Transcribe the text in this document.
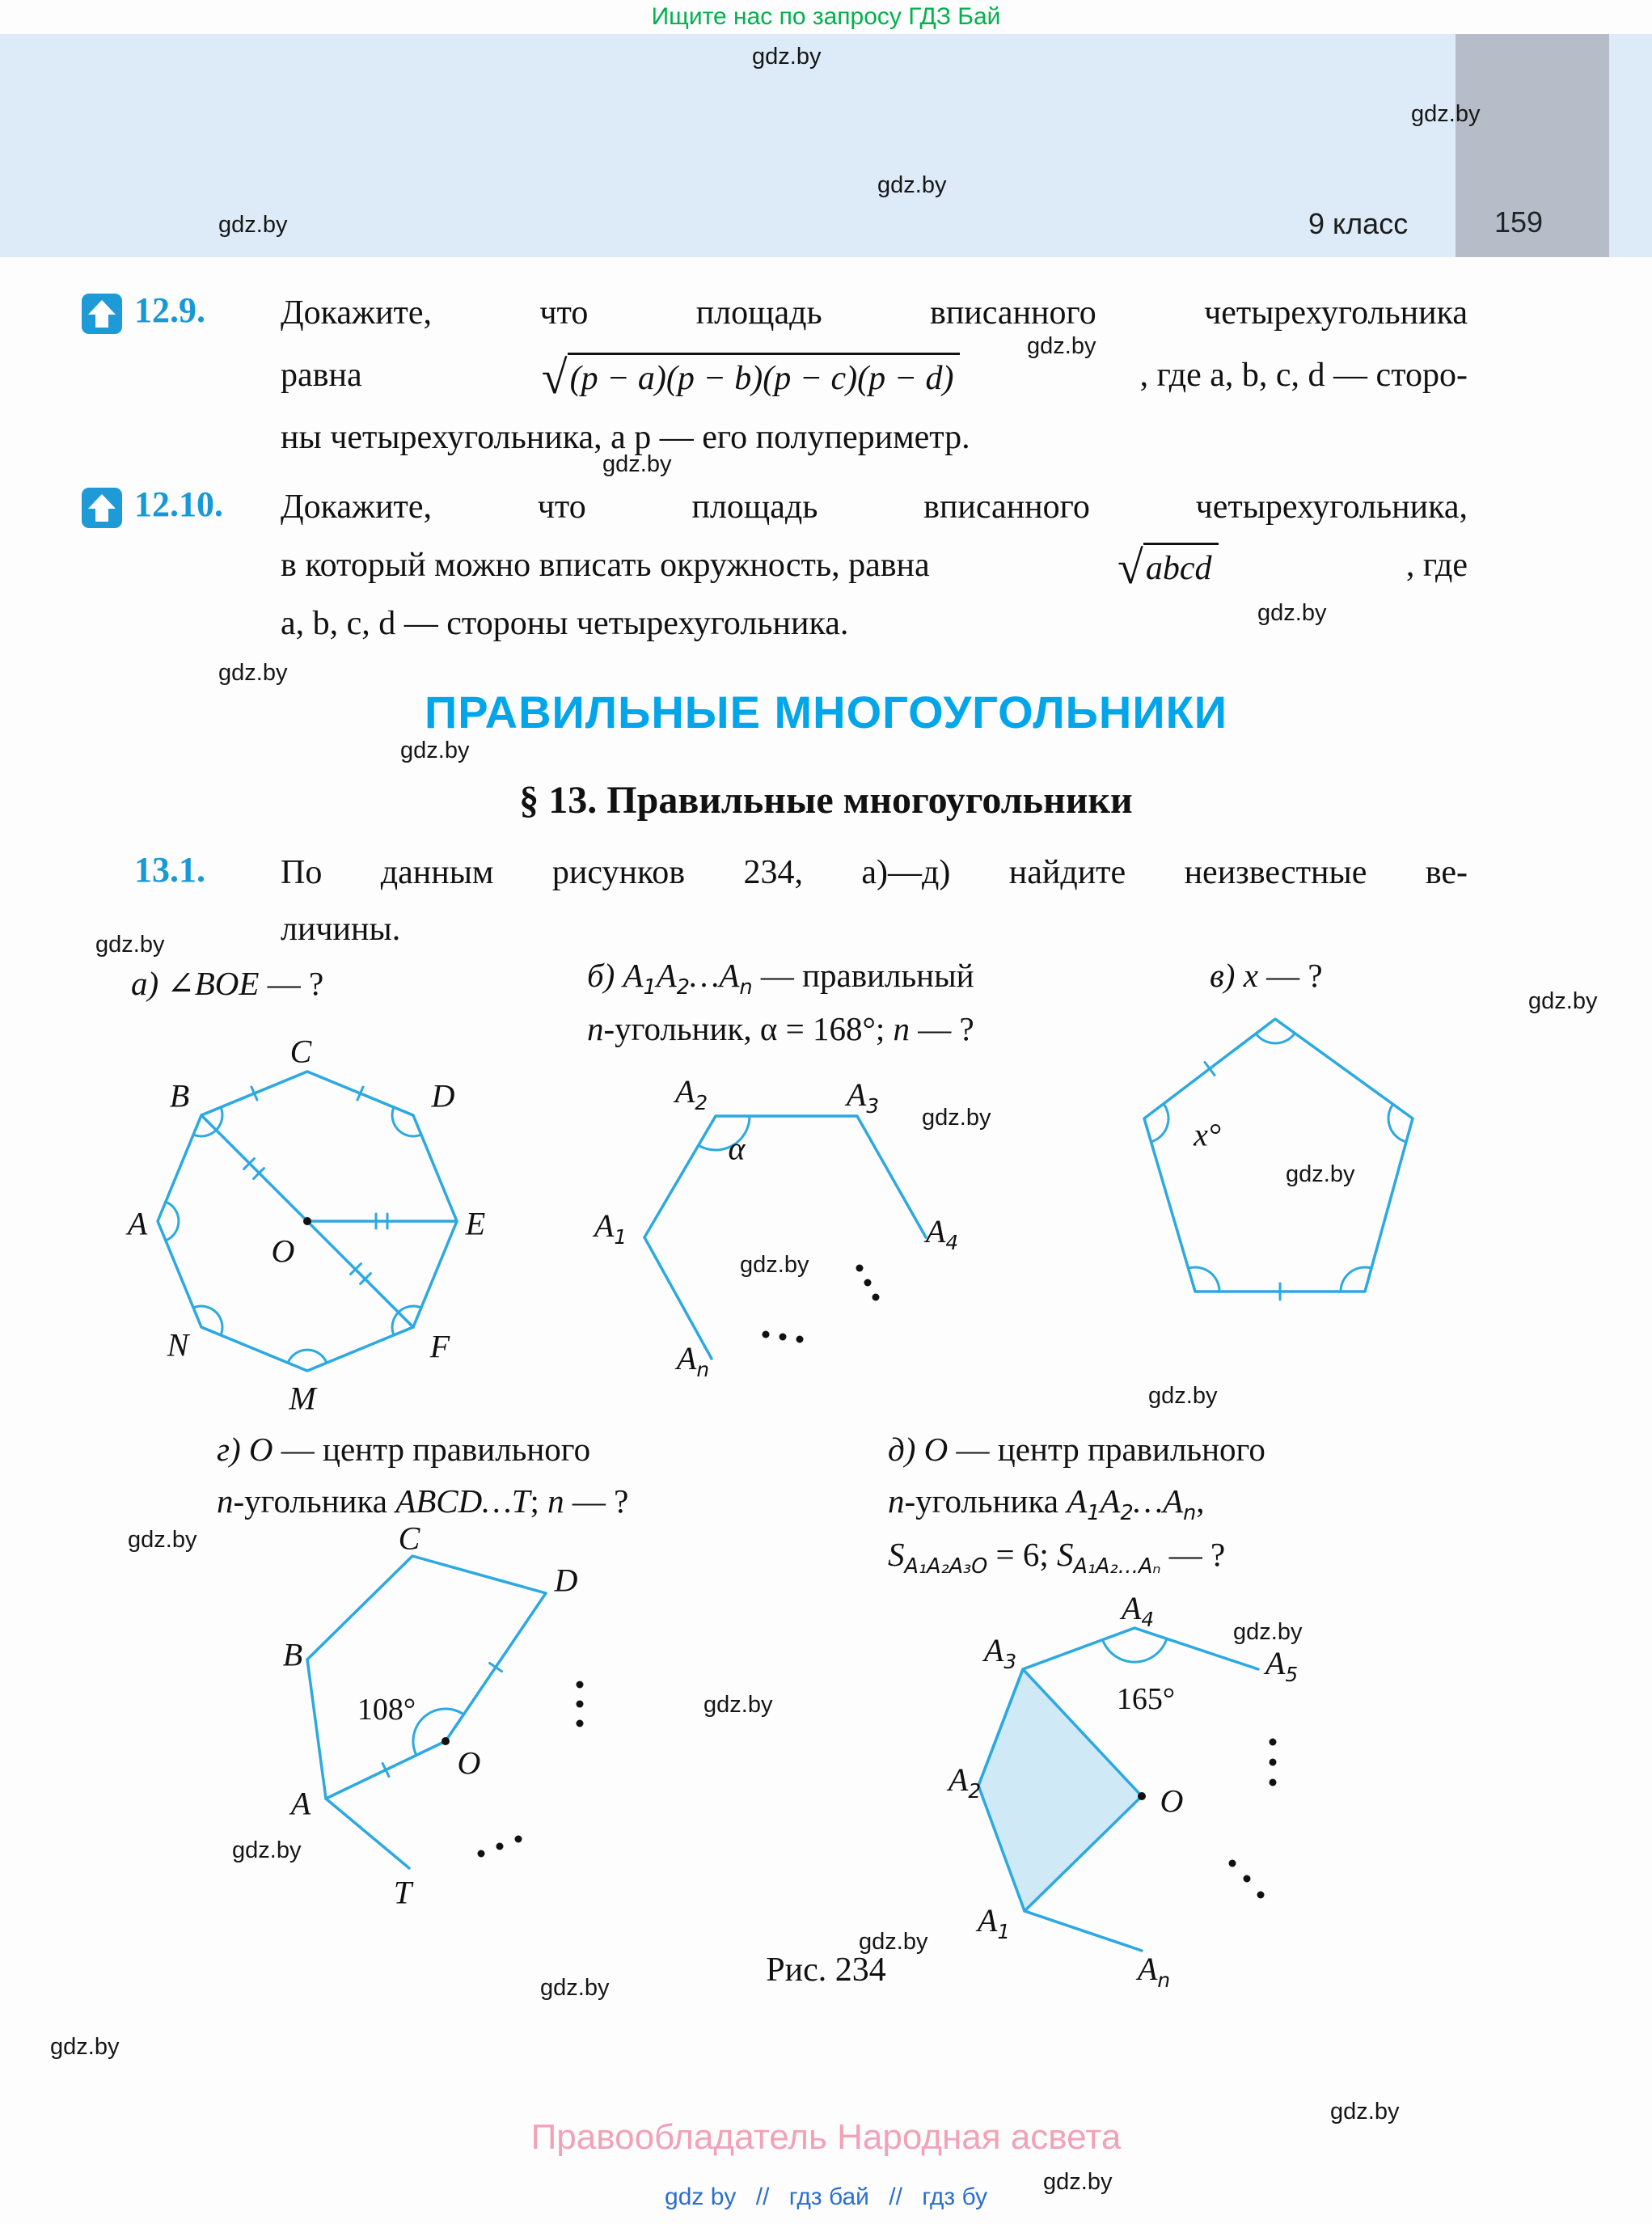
Ищите нас по запросу ГДЗ Бай
9 класс	159
gdz.by
gdz.by
gdz.by
gdz.by
gdz.by
gdz.by
gdz.by
gdz.by
gdz.by
gdz.by
gdz.by
gdz.by
gdz.by
gdz.by
gdz.by
gdz.by
gdz.by
gdz.by
gdz.by
gdz.by
gdz.by
gdz.by
gdz.by
gdz.by
12.9. Докажите, что площадь вписанного четырехугольника
равна	√ (p − a)(p − b)(p − c)(p − d)	, где a, b, c, d — сторо-
ны четырехугольника, а p — его полупериметр.
12.10. Докажите, что площадь вписанного четырехугольника,
в который можно вписать окружность, равна	√ abcd	, где
a, b, c, d — стороны четырехугольника.
ПРАВИЛЬНЫЕ МНОГОУГОЛЬНИКИ
§ 13. Правильные многоугольники
13.1. По данным рисунков 234, а)—д) найдите неизвестные ве-
личины.
а) ∠BOE — ?
C
B	D
A	E
N	F
M
O
б) $A_1A_2\dots A_n$ — правильный
n-угольник, α = 168°; n — ?
$A_2$	$A_3$
$A_1$	$A_4$
$A_n$
α
в) x — ?
x°
г) O — центр правильного
n-угольника ABCD…T; n — ?
C
D
B
A
T
O
108°
д) O — центр правильного
n-угольника $A_1A_2\dots A_n$,
$S_{A_1A_2A_3O} = 6$; $S_{A_1A_2\dots A_n}$ — ?
$A_4$
$A_3$	$A_5$
$A_2$
$A_1$
$A_n$
O
165°
Рис. 234
Правообладатель Народная асвета
gdz by // гдз бай // гдз бу
